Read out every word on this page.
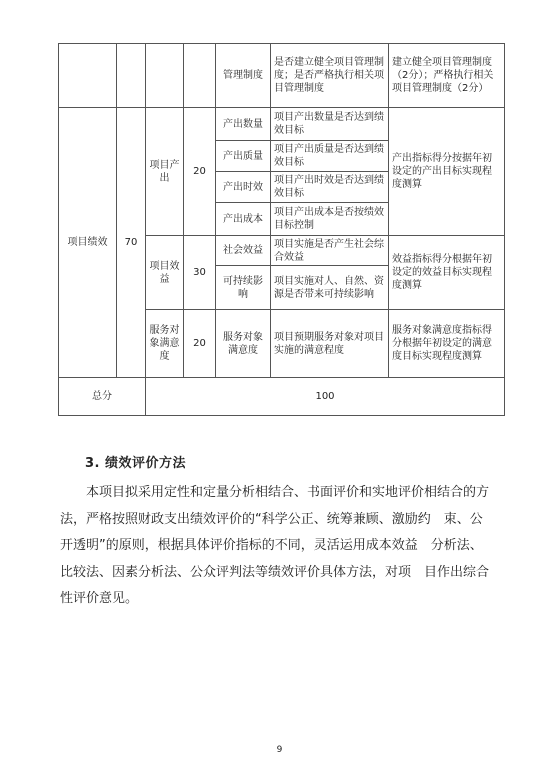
				管理制度	是否建立健全项目管理制度；是否严格执行相关项目管理制度	建立健全项目管理制度（2分）；严格执行相关项目管理制度（2分）
项目绩效	70	项目产出	20	产出数量	项目产出数量是否达到绩效目标	产出指标得分按据年初设定的产出目标实现程度测算
				产出质量	项目产出质量是否达到绩效目标	
				产出时效	项目产出时效是否达到绩效目标	
				产出成本	项目产出成本是否按绩效目标控制	
		项目效益	30	社会效益	项目实施是否产生社会综合效益	效益指标得分根据年初设定的效益目标实现程度测算
				可持续影响	项目实施对人、自然、资源是否带来可持续影响	
		服务对象满意度	20	服务对象满意度	项目预期服务对象对项目实施的满意程度	服务对象满意度指标得分根据年初设定的满意度目标实现程度测算
总分		100				
3. 绩效评价方法

本项目拟采用定性和定量分析相结合、书面评价和实地评价相结合的方法，严格按照财政支出绩效评价的“科学公正、统筹兼顾、激励约　束、公开透明”的原则，根据具体评价指标的不同，灵活运用成本效益　分析法、比较法、因素分析法、公众评判法等绩效评价具体方法，对项　目作出综合性评价意见。

9
